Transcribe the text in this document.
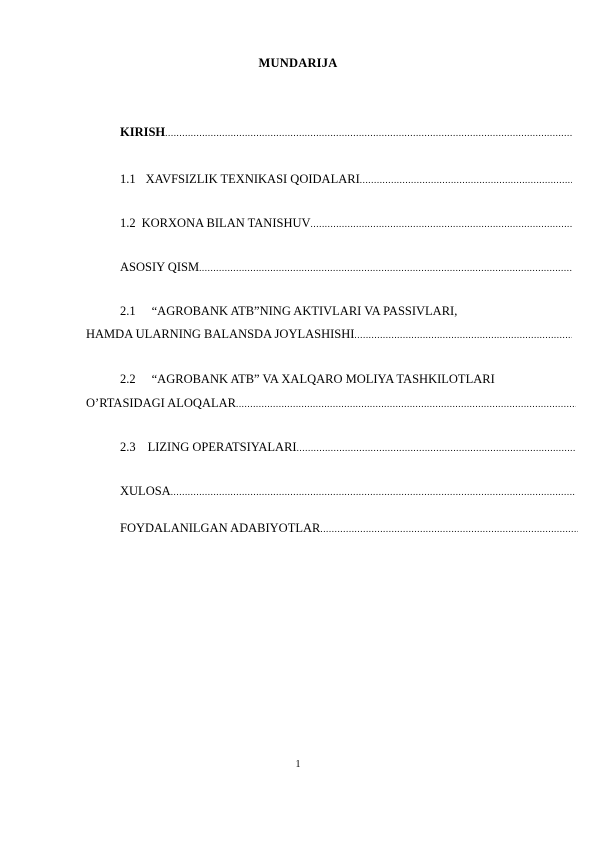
MUNDARIJA
KIRISH
.....
1.1 XAVFSIZLIK TEXNIKASI QOIDALARI
.....
1.2 KORXONA BILAN TANISHUV
.....
ASOSIY QISM
.....
2.1 “AGROBANK ATB”NING AKTIVLARI VA PASSIVLARI,
HAMDA ULARNING BALANSDA JOYLASHISHI
.....
2.2 “AGROBANK ATB” VA XALQARO MOLIYA TASHKILOTLARI
O’RTASIDAGI ALOQALAR
.....
2.3 LIZING OPERATSIYALARI
.....
XULOSA
.....
FOYDALANILGAN ADABIYOTLAR
.....
1
